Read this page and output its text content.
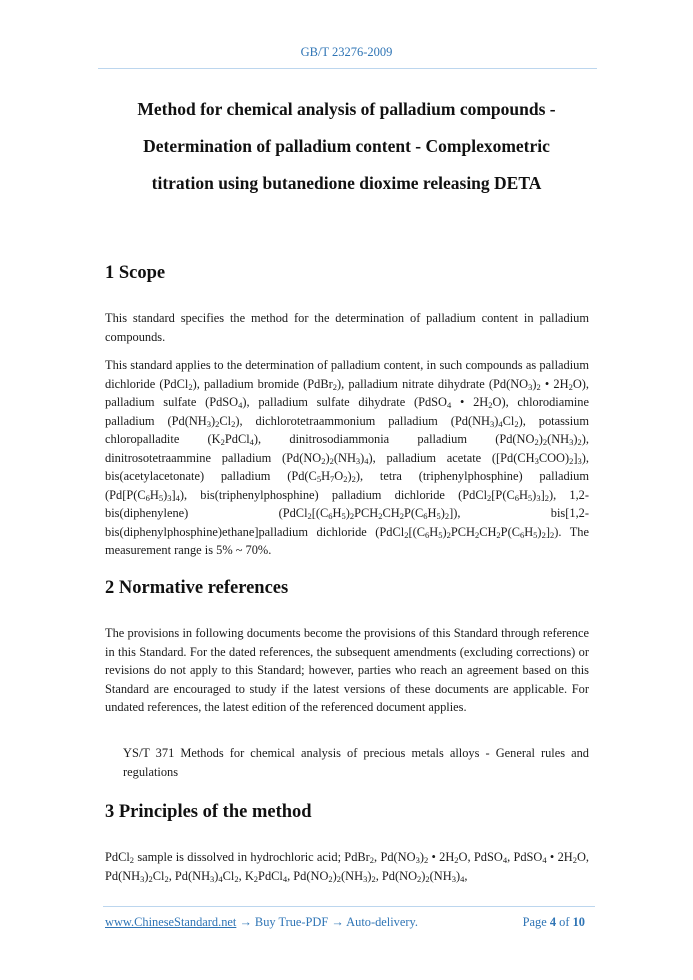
GB/T 23276-2009
Method for chemical analysis of palladium compounds -
Determination of palladium content - Complexometric
titration using butanedione dioxime releasing DETA
1 Scope

This standard specifies the method for the determination of palladium content in palladium compounds.

This standard applies to the determination of palladium content, in such compounds as palladium dichloride (PdCl$_2$), palladium bromide (PdBr$_2$), palladium nitrate dihydrate ($Pd(NO_3)_2$ • $2H_2O$), palladium sulfate (PdSO$_4$), palladium sulfate dihydrate (PdSO$_4$ • $2H_2O$), chlorodiamine palladium $(Pd(NH_3)_2Cl_2)$, dichlorotetraammonium palladium $(Pd(NH_3)_4Cl_2)$, potassium chloropalladite $(K_2PdCl_4)$, dinitrosodiammonia palladium $(Pd(NO_2)_2(NH_3)_2)$, dinitrosotetraammine palladium $(Pd(NO_2)_2(NH_3)_4)$, palladium acetate $([Pd(CH_3COO)_2]_3)$, bis(acetylacetonate) palladium $(Pd(C_5H_7O_2)_2)$, tetra (triphenylphosphine) palladium $(Pd[P(C_6H_5)_3]_4)$, bis(triphenylphosphine) palladium dichloride $(PdCl_2[P(C_6H_5)_3]_2)$, 1,2-bis(diphenylene) $(PdCl_2[(C_6H_5)_2PCH_2CH_2P(C_6H_5)_2])$, bis[1,2-bis(diphenylphosphine)ethane]palladium dichloride $(PdCl_2[(C_6H_5)_2PCH_2CH_2P(C_6H_5)_2]_2)$. The measurement range is 5% ~ 70%.

2 Normative references

The provisions in following documents become the provisions of this Standard through reference in this Standard. For the dated references, the subsequent amendments (excluding corrections) or revisions do not apply to this Standard; however, parties who reach an agreement based on this Standard are encouraged to study if the latest versions of these documents are applicable. For undated references, the latest edition of the referenced document applies.

YS/T 371 Methods for chemical analysis of precious metals alloys - General rules and regulations

3 Principles of the method

PdCl$_2$ sample is dissolved in hydrochloric acid; PdBr$_2$, $Pd(NO_3)_2$ • $2H_2O$, PdSO$_4$, PdSO$_4$ • $2H_2O$, $Pd(NH_3)_2Cl_2$, $Pd(NH_3)_4Cl_2$, $K_2PdCl_4$, $Pd(NO_2)_2(NH_3)_2$, $Pd(NO_2)_2(NH_3)_4$,

www.ChineseStandard.net → Buy True-PDF → Auto-delivery.	Page 4 of 10
